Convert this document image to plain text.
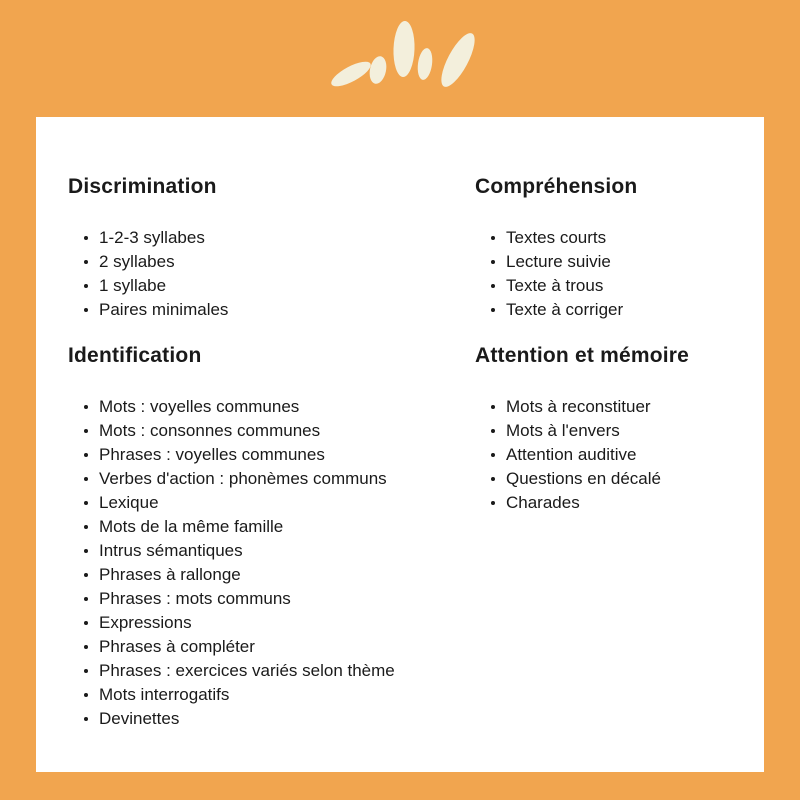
Discrimination
1-2-3 syllabes
2 syllabes
1 syllabe
Paires minimales
Identification
Mots : voyelles communes
Mots : consonnes communes
Phrases : voyelles communes
Verbes d'action : phonèmes communs
Lexique
Mots de la même famille
Intrus sémantiques
Phrases à rallonge
Phrases : mots communs
Expressions
Phrases à compléter
Phrases : exercices variés selon thème
Mots interrogatifs
Devinettes
Compréhension
Textes courts
Lecture suivie
Texte à trous
Texte à corriger
Attention et mémoire
Mots à reconstituer
Mots à l'envers
Attention auditive
Questions en décalé
Charades
